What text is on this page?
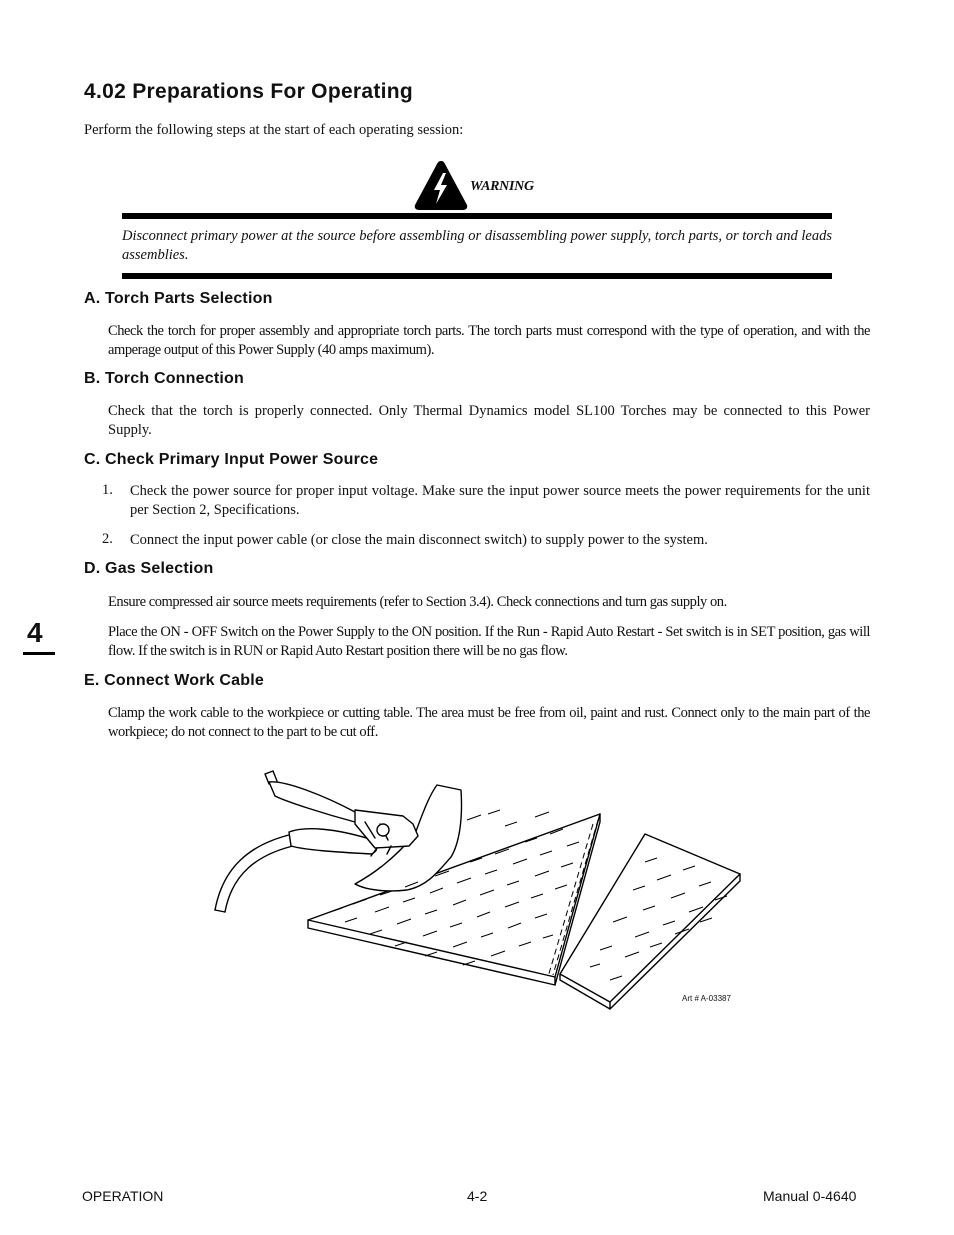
4.02 Preparations For Operating
Perform the following steps at the start of each operating session:
WARNING
Disconnect primary power at the source before assembling or disassembling power supply, torch parts, or torch and leads assemblies.
A. Torch Parts Selection
Check the torch for proper assembly and appropriate torch parts. The torch parts must correspond with the type of operation, and with the amperage output of this Power Supply (40 amps maximum).
B. Torch Connection
Check that the torch is properly connected. Only Thermal Dynamics model SL100 Torches may be connected to this Power Supply.
C. Check Primary Input Power Source
1. Check the power source for proper input voltage. Make sure the input power source meets the power requirements for the unit per Section 2, Specifications.
2. Connect the input power cable (or close the main disconnect switch) to supply power to the system.
D. Gas Selection
Ensure compressed air source meets requirements (refer to Section 3.4). Check connections and turn gas supply on.
Place the ON - OFF Switch on the Power Supply to the ON position. If the Run - Rapid Auto Restart - Set switch is in SET position, gas will flow. If the switch is in RUN or Rapid Auto Restart position there will be no gas flow.
E. Connect Work Cable
Clamp the work cable to the workpiece or cutting table. The area must be free from oil, paint and rust. Connect only to the main part of the workpiece; do not connect to the part to be cut off.
4
Art # A-03387
OPERATION	4-2	Manual 0-4640
